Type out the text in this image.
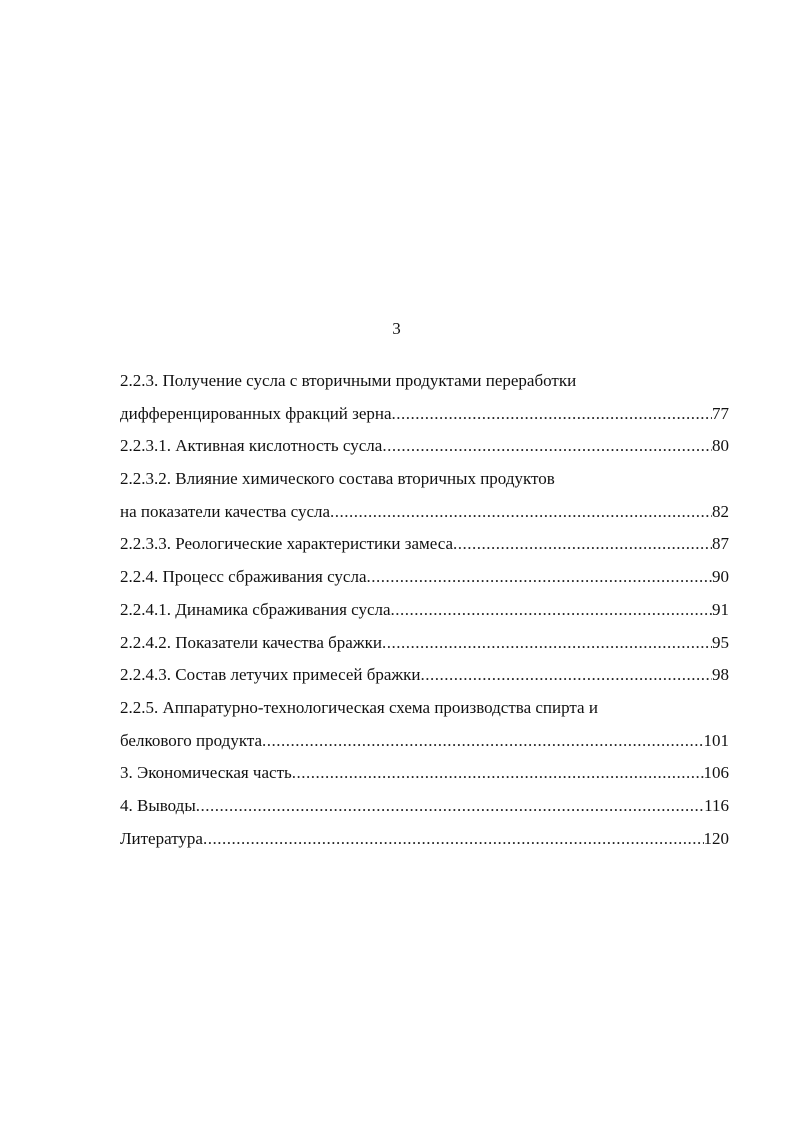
3
2.2.3. Получение сусла с вторичными продуктами переработки
дифференцированных фракций зерна .....	77
2.2.3.1. Активная кислотность сусла .....	80
2.2.3.2. Влияние химического состава вторичных продуктов
на показатели качества сусла .....	82
2.2.3.3. Реологические характеристики замеса .....	87
2.2.4. Процесс сбраживания сусла .....	90
2.2.4.1. Динамика сбраживания сусла .....	91
2.2.4.2. Показатели качества бражки .....	95
2.2.4.3. Состав летучих примесей бражки .....	98
2.2.5. Аппаратурно-технологическая схема производства спирта и
белкового продукта .....	101
3. Экономическая часть .....	106
4. Выводы .....	116
Литература .....	120
